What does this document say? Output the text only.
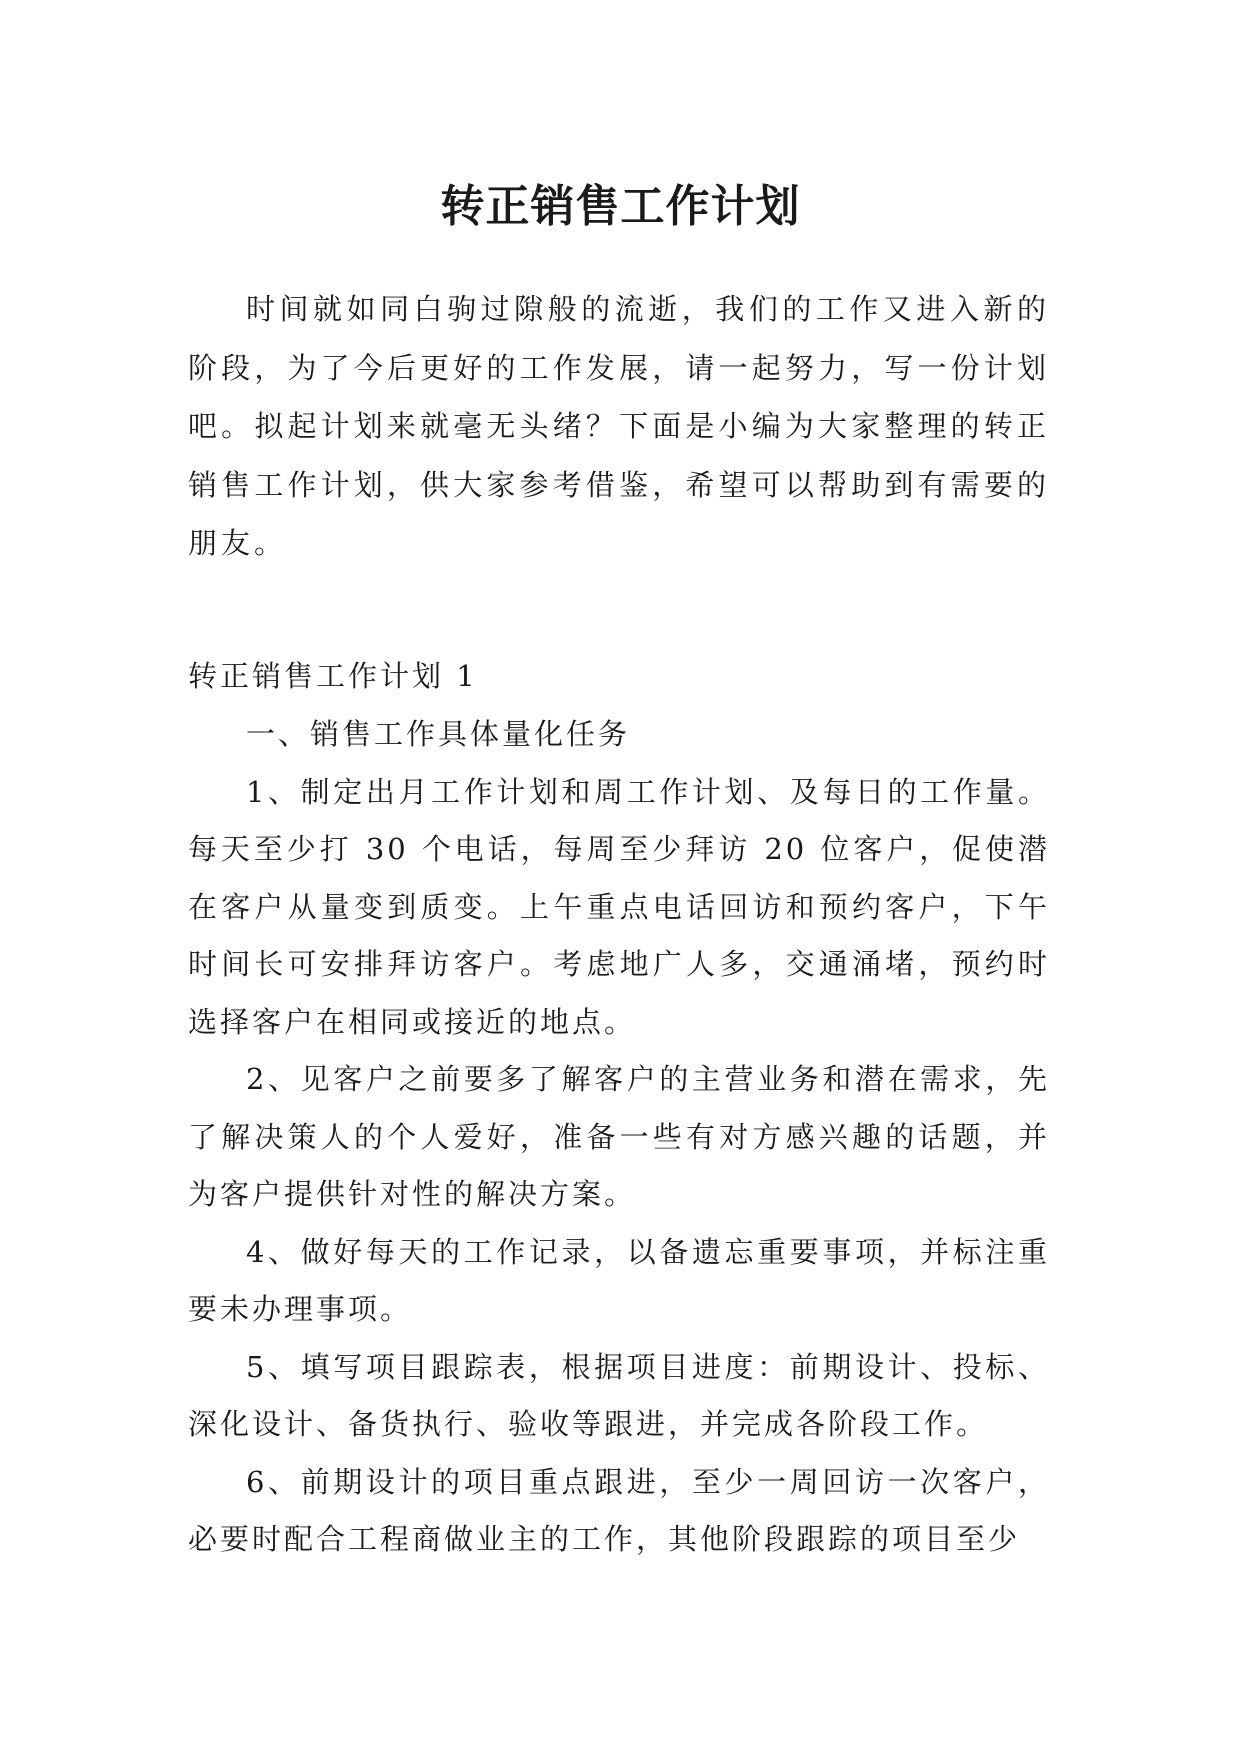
转正销售工作计划

时间就如同白驹过隙般的流逝，我们的工作又进入新的阶段，为了今后更好的工作发展，请一起努力，写一份计划吧。拟起计划来就毫无头绪？下面是小编为大家整理的转正销售工作计划，供大家参考借鉴，希望可以帮助到有需要的朋友。

转正销售工作计划 1

一、销售工作具体量化任务

1、制定出月工作计划和周工作计划、及每日的工作量。每天至少打 30 个电话，每周至少拜访 20 位客户，促使潜在客户从量变到质变。上午重点电话回访和预约客户，下午时间长可安排拜访客户。考虑地广人多，交通涌堵，预约时选择客户在相同或接近的地点。

2、见客户之前要多了解客户的主营业务和潜在需求，先了解决策人的个人爱好，准备一些有对方感兴趣的话题，并为客户提供针对性的解决方案。

4、做好每天的工作记录，以备遗忘重要事项，并标注重要未办理事项。

5、填写项目跟踪表，根据项目进度：前期设计、投标、深化设计、备货执行、验收等跟进，并完成各阶段工作。

6、前期设计的项目重点跟进，至少一周回访一次客户，必要时配合工程商做业主的工作，其他阶段跟踪的项目至少
